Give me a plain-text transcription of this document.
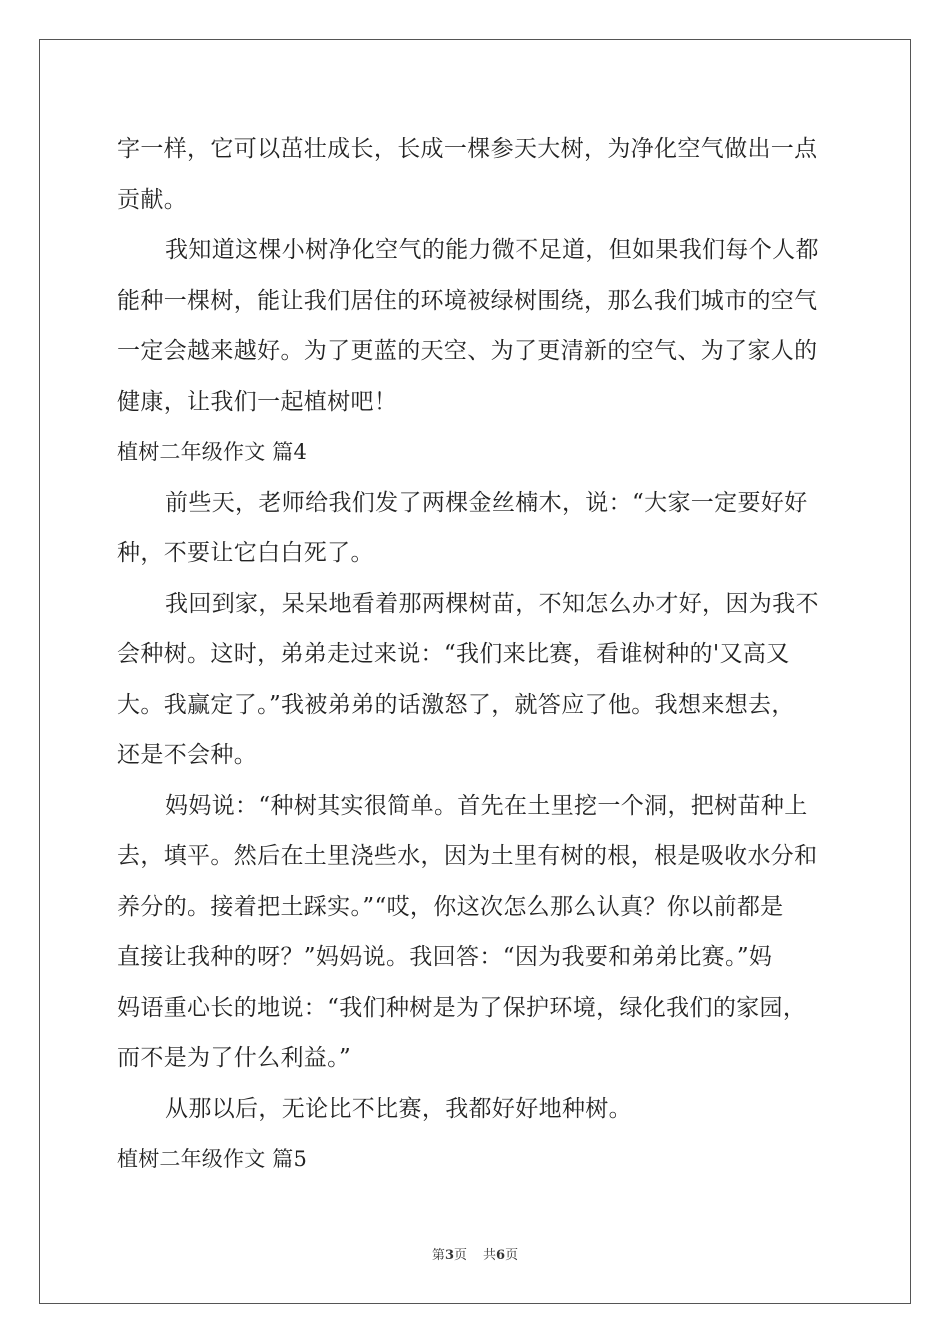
字一样，它可以茁壮成长，长成一棵参天大树，为净化空气做出一点
贡献。
我知道这棵小树净化空气的能力微不足道，但如果我们每个人都
能种一棵树，能让我们居住的环境被绿树围绕，那么我们城市的空气
一定会越来越好。为了更蓝的天空、为了更清新的空气、为了家人的
健康，让我们一起植树吧！
植树二年级作文 篇4
前些天，老师给我们发了两棵金丝楠木，说：“大家一定要好好
种，不要让它白白死了。
我回到家，呆呆地看着那两棵树苗，不知怎么办才好，因为我不
会种树。这时，弟弟走过来说：“我们来比赛，看谁树种的'又高又
大。我赢定了。”我被弟弟的话激怒了，就答应了他。我想来想去，
还是不会种。
妈妈说：“种树其实很简单。首先在土里挖一个洞，把树苗种上
去，填平。然后在土里浇些水，因为土里有树的根，根是吸收水分和
养分的。接着把土踩实。”“哎，你这次怎么那么认真？你以前都是
直接让我种的呀？”妈妈说。我回答：“因为我要和弟弟比赛。”妈
妈语重心长的地说：“我们种树是为了保护环境，绿化我们的家园，
而不是为了什么利益。”
从那以后，无论比不比赛，我都好好地种树。
植树二年级作文 篇5
第3页 共6页
